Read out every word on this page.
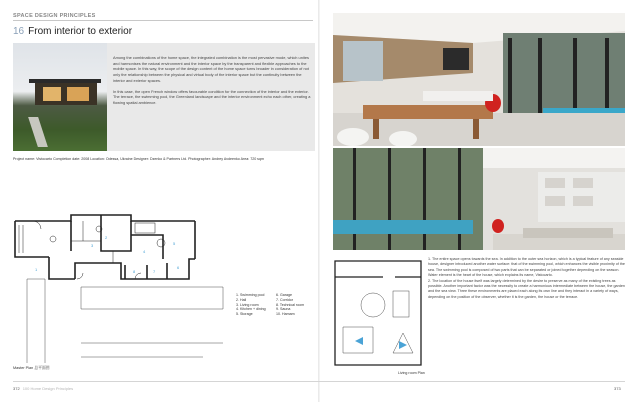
SPACE DESIGN PRINCIPLES
16 From interior to exterior

Among the combinations of the home space, the integrated combination is the most pervasive mode, which unites and harmonises the natural environment and the interior space by the transparent and flexible approaches to the mobile space. In this way, the scope of the design content of the home space turns broader in consideration of not only the relationship between the physical and virtual body of the interior space but the continuity between the interior and exterior spaces.

In this case, the open French window offers favourable condition for the connection of the interior and the exterior. The terrace, the swimming pool, the Greenland landscape and the interior environment echo each other, creating a flowing spatial ambience.

Project name: Vistocarto Completion date: 2008 Location: Odessa, Ukraine Designer: Dzenko & Partners Ltd. Photographer: Andrey Avdeenko Area: 720 sqm
1
3
4
2
5
6
7
8
1. Swimming pool
2. Hall
3. Living room
4. Kitchen + dining
5. Storage
6. Garage
7. Corridor
8. Technical room
9. Sauna
10. Hamam
Master Plan 总平面图
Living room Plan
1. The entire space opens towards the sea. In addition to the outer sea horizon, which is a typical feature of any seaside house, designer introduced another water surface: that of the swimming pool, which enhances the visible proximity of the sea. The swimming pool is composed of two parts that can be separated or joined together depending on the season. Water element is the heart of the house, which explains its name, Vistocarto.
2. The location of the house itself was largely determined by the desire to preserve as many of the existing trees as possible. Another important factor was the necessity to create a harmonious intermediate between the house, the garden and the sea view. Three these environments are placed each along its own line and they interact in a variety of ways, depending on the position of the observer, whether it is the garden, the house or the terrace.
372 100 Home Design Principles	373
